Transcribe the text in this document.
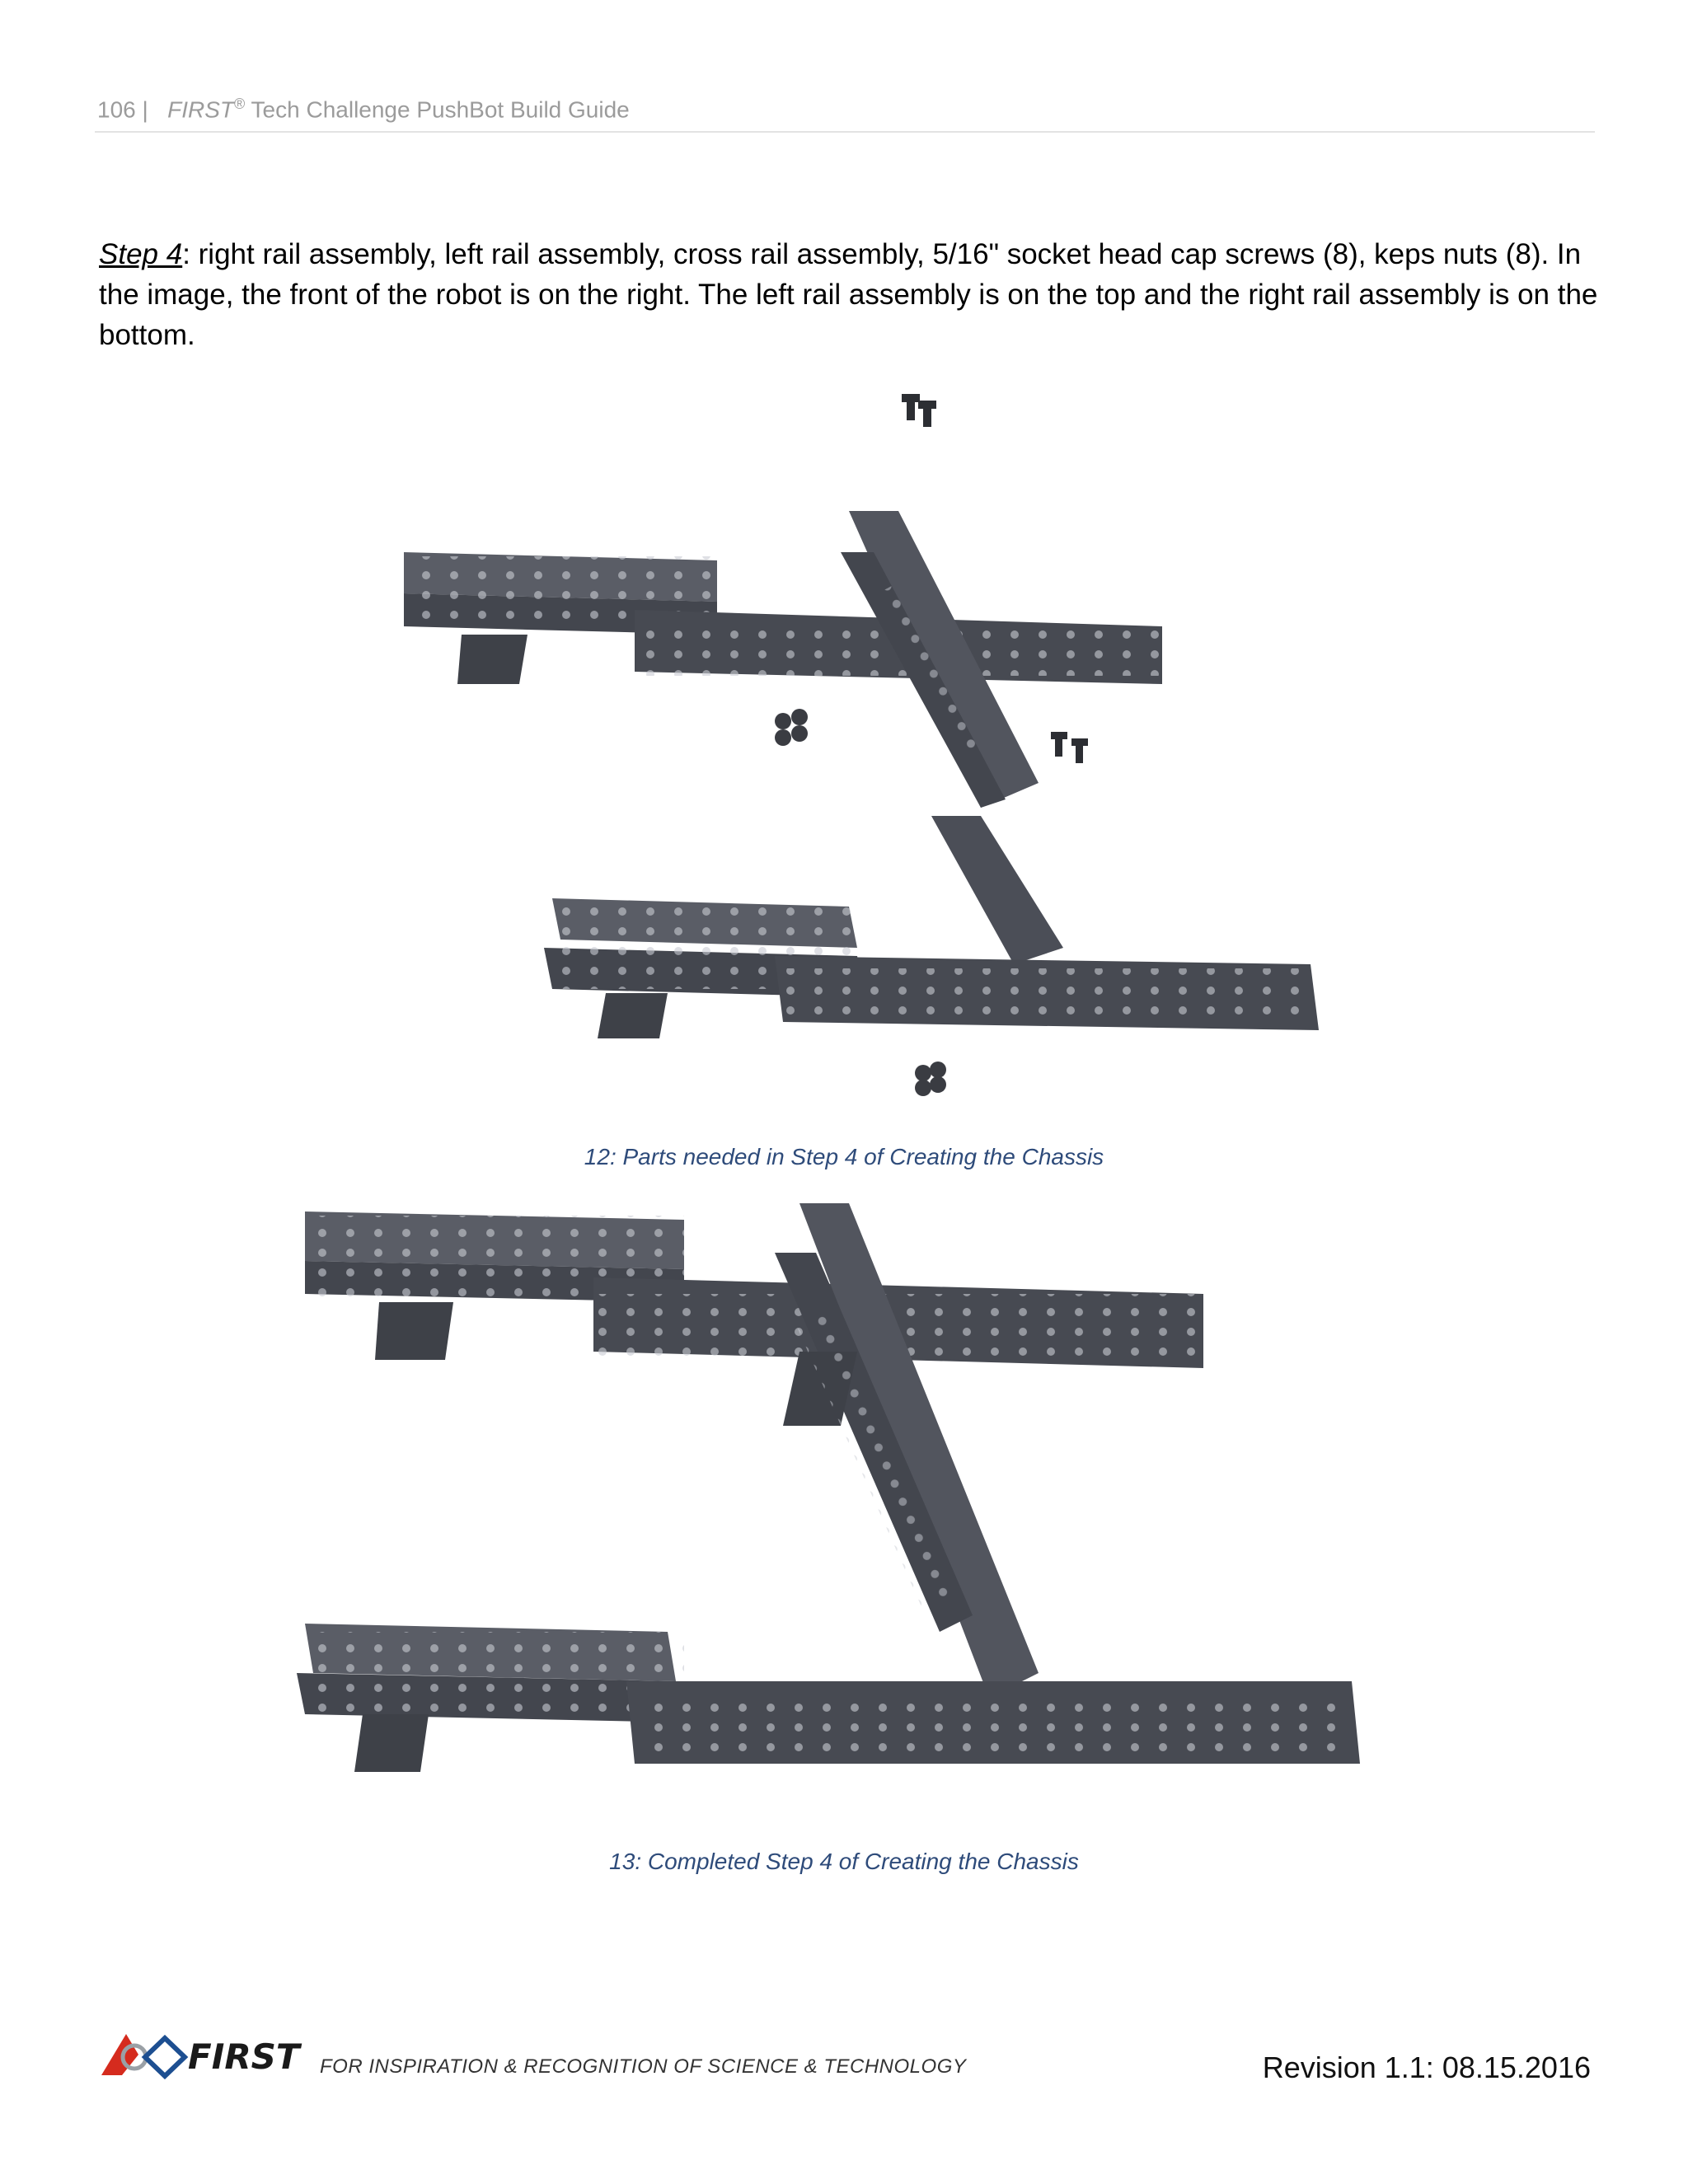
106 | FIRST® Tech Challenge PushBot Build Guide
Step 4: right rail assembly, left rail assembly, cross rail assembly, 5/16" socket head cap screws (8), keps nuts (8). In the image, the front of the robot is on the right. The left rail assembly is on the top and the right rail assembly is on the bottom.
12: Parts needed in Step 4 of Creating the Chassis
13: Completed Step 4 of Creating the Chassis
FIRST FOR INSPIRATION & RECOGNITION OF SCIENCE & TECHNOLOGY	Revision 1.1: 08.15.2016
